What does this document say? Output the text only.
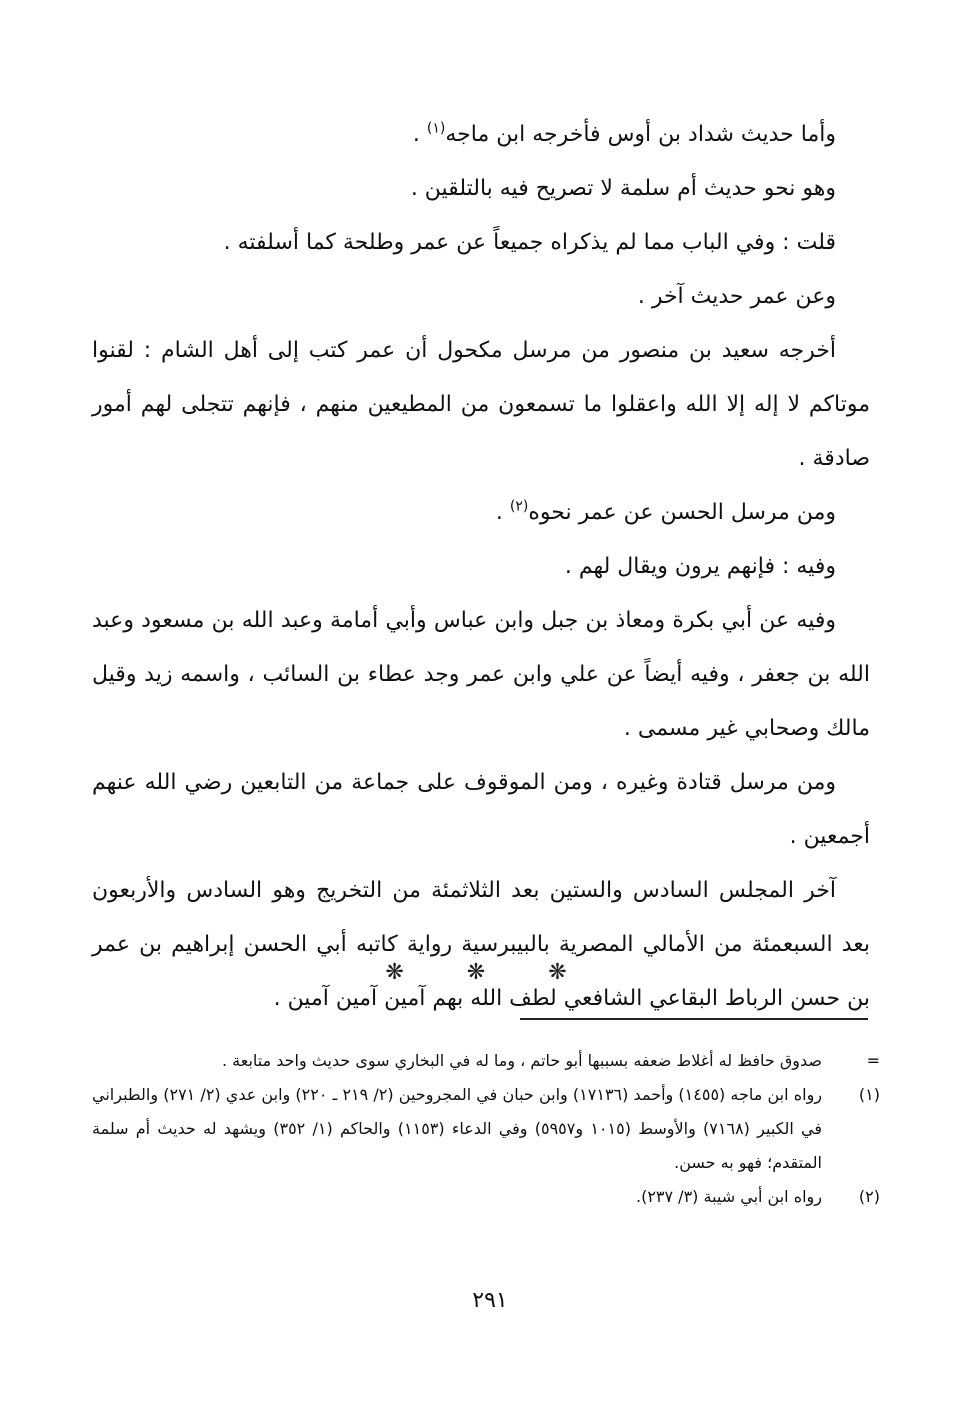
وأما حديث شداد بن أوس فأخرجه ابن ماجه$^{(١)}$ .

وهو نحو حديث أم سلمة لا تصريح فيه بالتلقين .

قلت : وفي الباب مما لم يذكراه جميعاً عن عمر وطلحة كما أسلفته .

وعن عمر حديث آخر .

أخرجه سعيد بن منصور من مرسل مكحول أن عمر كتب إلى أهل الشام : لقنوا موتاكم لا إله إلا الله واعقلوا ما تسمعون من المطيعين منهم ، فإنهم تتجلى لهم أمور صادقة .

ومن مرسل الحسن عن عمر نحوه$^{(٢)}$ .

وفيه : فإنهم يرون ويقال لهم .

وفيه عن أبي بكرة ومعاذ بن جبل وابن عباس وأبي أمامة وعبد الله بن مسعود وعبد الله بن جعفر ، وفيه أيضاً عن علي وابن عمر وجد عطاء بن السائب ، واسمه زيد وقيل مالك وصحابي غير مسمى .

ومن مرسل قتادة وغيره ، ومن الموقوف على جماعة من التابعين رضي الله عنهم أجمعين .

آخر المجلس السادس والستين بعد الثلاثمئة من التخريج وهو السادس والأربعون بعد السبعمئة من الأمالي المصرية بالبيبرسية رواية كاتبه أبي الحسن إبراهيم بن عمر بن حسن الرباط البقاعي الشافعي لطف الله بهم آمين آمين آمين .

❋ ❋ ❋
=
صدوق حافظ له أغلاط ضعفه بسببها أبو حاتم ، وما له في البخاري سوى حديث واحد متابعة .
(١)
رواه ابن ماجه (١٤٥٥) وأحمد (١٧١٣٦) وابن حبان في المجروحين (٢/ ٢١٩ ـ ٢٢٠) وابن عدي (٢/ ٢٧١) والطبراني في الكبير (٧١٦٨) والأوسط (١٠١٥ و٥٩٥٧) وفي الدعاء (١١٥٣) والحاكم (١/ ٣٥٢) ويشهد له حديث أم سلمة المتقدم؛ فهو به حسن.
(٢)
رواه ابن أبي شيبة (٣/ ٢٣٧).
٢٩١
